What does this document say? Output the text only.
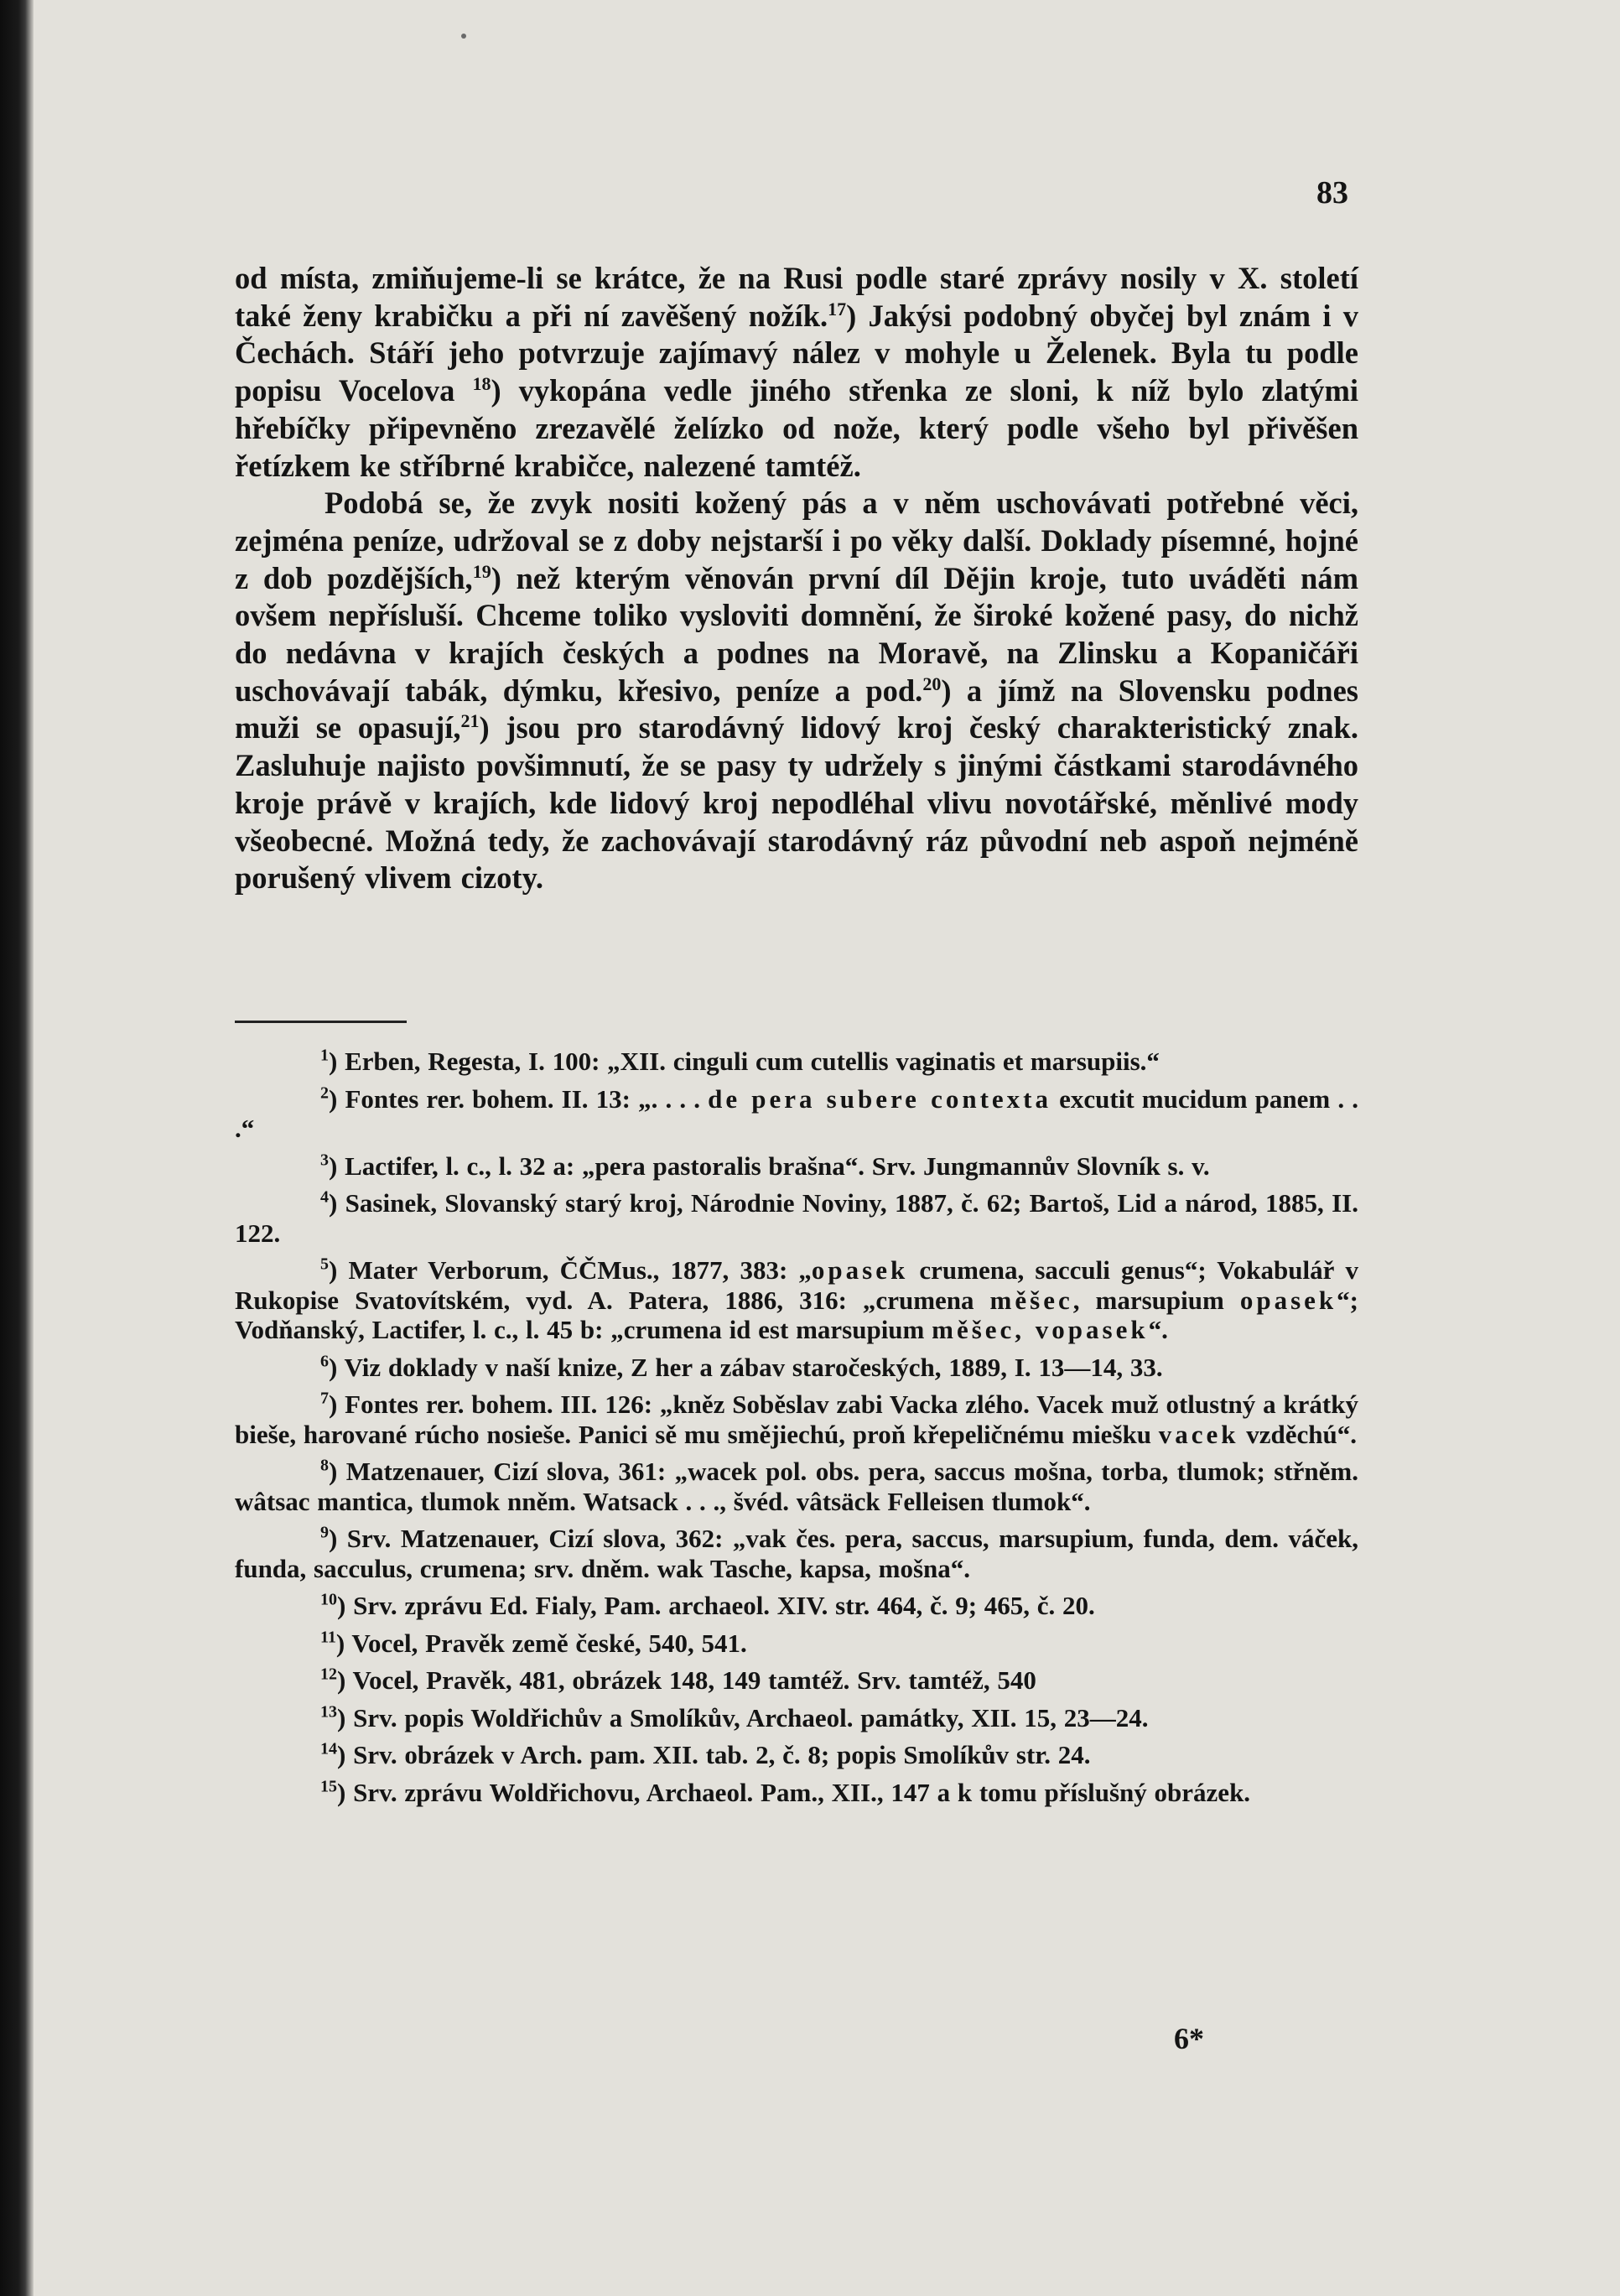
83

od místa, zmiňujeme-li se krátce, že na Rusi podle staré zprávy nosily v X. století také ženy krabičku a při ní zavěšený nožík.$^{17}$) Jakýsi podobný obyčej byl znám i v Čechách. Stáří jeho potvrzuje zajímavý nález v mohyle u Želenek. Byla tu podle popisu Vocelova $^{18}$) vykopána vedle jiného střenka ze sloni, k níž bylo zlatými hřebíčky připevněno zrezavělé želízko od nože, který podle všeho byl přivěšen řetízkem ke stříbrné krabičce, nalezené tamtéž.

Podobá se, že zvyk nositi kožený pás a v něm uschovávati potřebné věci, zejména peníze, udržoval se z doby nejstarší i po věky další. Doklady písemné, hojné z dob pozdějších,$^{19}$) než kterým věnován první díl Dějin kroje, tuto uváděti nám ovšem nepřísluší. Chceme toliko vysloviti domnění, že široké kožené pasy, do nichž do nedávna v krajích českých a podnes na Moravě, na Zlinsku a Kopaničáři uschovávají tabák, dýmku, křesivo, peníze a pod.$^{20}$) a jímž na Slovensku podnes muži se opasují,$^{21}$) jsou pro starodávný lidový kroj český charakteristický znak. Zasluhuje najisto povšimnutí, že se pasy ty udržely s jinými částkami starodávného kroje právě v krajích, kde lidový kroj nepodléhal vlivu novotářské, měnlivé mody všeobecné. Možná tedy, že zachovávají starodávný ráz původní neb aspoň nejméně porušený vlivem cizoty.

$^1$) Erben, Regesta, I. 100: „XII. cinguli cum cutellis vaginatis et marsupiis.“

$^2$) Fontes rer. bohem. II. 13: „. . . . de pera subere contexta excutit mucidum panem . . .“

$^3$) Lactifer, l. c., l. 32 a: „pera pastoralis brašna“. Srv. Jungmannův Slovník s. v.

$^4$) Sasinek, Slovanský starý kroj, Národnie Noviny, 1887, č. 62; Bartoš, Lid a národ, 1885, II. 122.

$^5$) Mater Verborum, ČČMus., 1877, 383: „opasek crumena, sacculi genus“; Vokabulář v Rukopise Svatovítském, vyd. A. Patera, 1886, 316: „crumena měšec, marsupium opasek“; Vodňanský, Lactifer, l. c., l. 45 b: „crumena id est marsupium měšec, vopasek“.

$^6$) Viz doklady v naší knize, Z her a zábav staročeských, 1889, I. 13—14, 33.

$^7$) Fontes rer. bohem. III. 126: „kněz Soběslav zabi Vacka zlého. Vacek muž otlustný a krátký bieše, harované rúcho nosieše. Panici sě mu smějiechú, proň křepeličnému miešku vacek vzděchú“.

$^8$) Matzenauer, Cizí slova, 361: „wacek pol. obs. pera, saccus mošna, torba, tlumok; střněm. wâtsac mantica, tlumok nněm. Watsack . . ., švéd. vâtsäck Felleisen tlumok“.

$^9$) Srv. Matzenauer, Cizí slova, 362: „vak čes. pera, saccus, marsupium, funda, dem. váček, funda, sacculus, crumena; srv. dněm. wak Tasche, kapsa, mošna“.

$^{10}$) Srv. zprávu Ed. Fialy, Pam. archaeol. XIV. str. 464, č. 9; 465, č. 20.

$^{11}$) Vocel, Pravěk země české, 540, 541.

$^{12}$) Vocel, Pravěk, 481, obrázek 148, 149 tamtéž. Srv. tamtéž, 540

$^{13}$) Srv. popis Woldřichův a Smolíkův, Archaeol. památky, XII. 15, 23—24.

$^{14}$) Srv. obrázek v Arch. pam. XII. tab. 2, č. 8; popis Smolíkův str. 24.

$^{15}$) Srv. zprávu Woldřichovu, Archaeol. Pam., XII., 147 a k tomu příslušný obrázek.

6*
